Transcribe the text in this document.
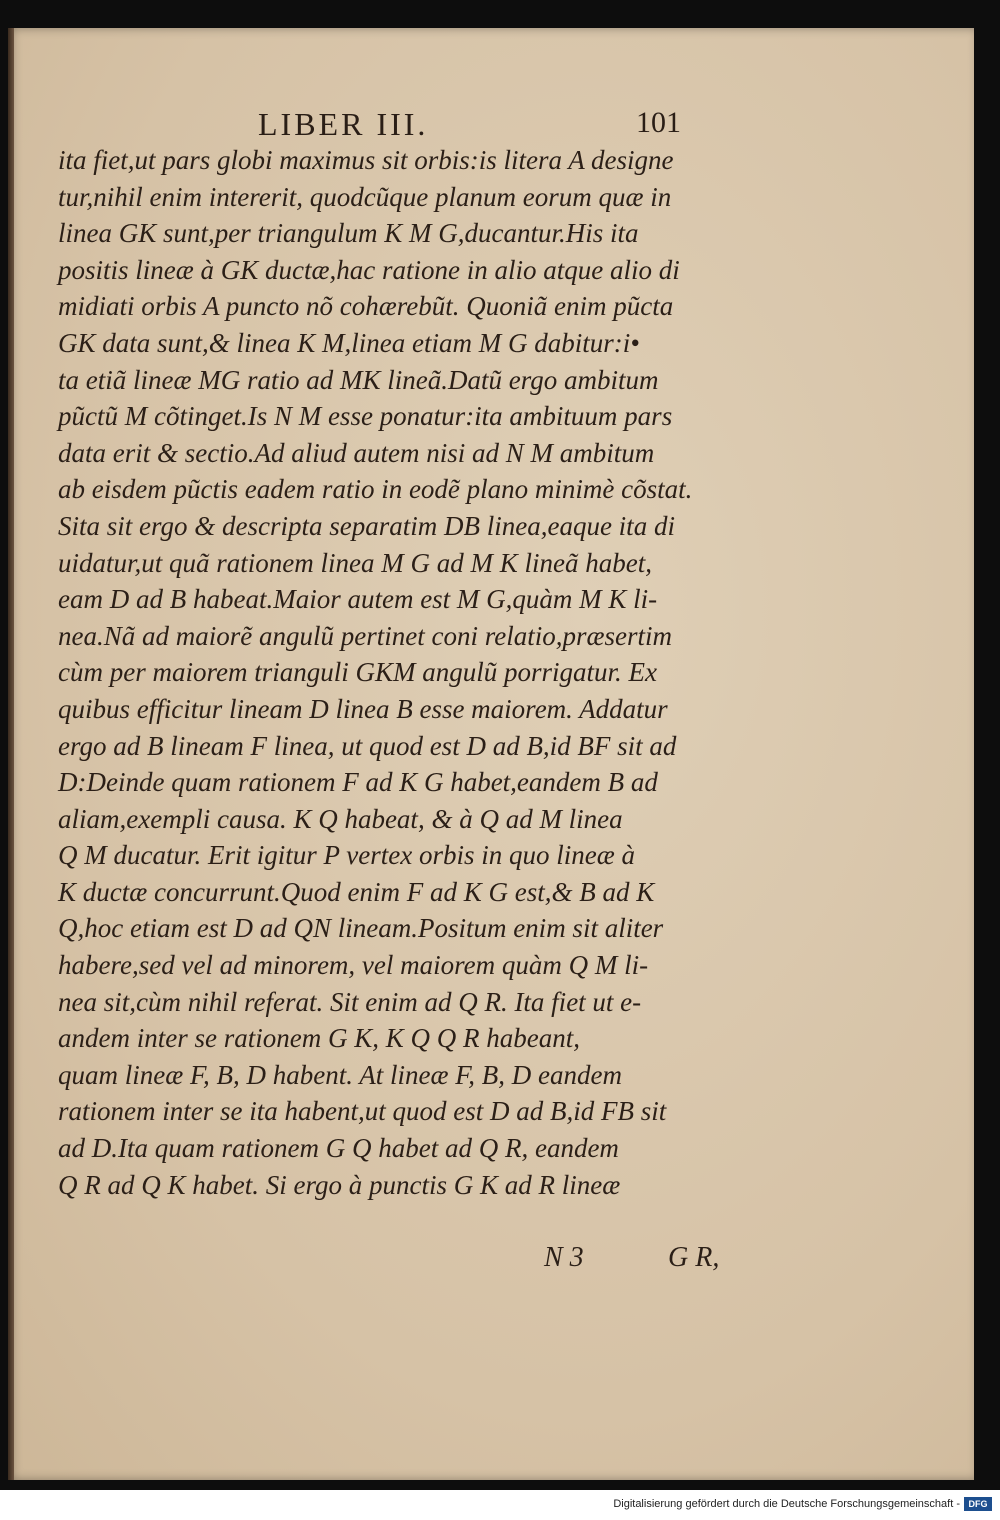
LIBER III.	101
ita fiet,ut pars globi maximus sit orbis:is litera A designe
tur,nihil enim intererit, quodcũque planum eorum quæ in
linea GK sunt,per triangulum K M G,ducantur.His ita
positis lineæ à GK ductæ,hac ratione in alio atque alio di
midiati orbis A puncto nõ cohærebũt. Quoniã enim pũcta
GK data sunt,& linea K M,linea etiam M G dabitur:i•
ta etiã lineæ MG ratio ad MK lineã.Datũ ergo ambitum
pũctũ M cõtinget.Is N M esse ponatur:ita ambituum pars
data erit & sectio.Ad aliud autem nisi ad N M ambitum
ab eisdem pũctis eadem ratio in eodẽ plano minimè cõstat.
Sita sit ergo & descripta separatim DB linea,eaque ita di
uidatur,ut quã rationem linea M G ad M K lineã habet,
eam D ad B habeat.Maior autem est M G,quàm M K li-
nea.Nã ad maiorẽ angulũ pertinet coni relatio,præsertim
cùm per maiorem trianguli GKM angulũ porrigatur. Ex
quibus efficitur lineam D linea B esse maiorem. Addatur
ergo ad B lineam F linea, ut quod est D ad B,id BF sit ad
D:Deinde quam rationem F ad K G habet,eandem B ad
aliam,exempli causa. K Q habeat, & à Q ad M linea
Q M ducatur. Erit igitur P vertex orbis in quo lineæ à
K ductæ concurrunt.Quod enim F ad K G est,& B ad K
Q,hoc etiam est D ad QN lineam.Positum enim sit aliter
habere,sed vel ad minorem, vel maiorem quàm Q M li-
nea sit,cùm nihil referat. Sit enim ad Q R. Ita fiet ut e-
andem inter se rationem G K, K Q Q R habeant,
quam lineæ F, B, D habent. At lineæ F, B, D eandem
rationem inter se ita habent,ut quod est D ad B,id FB sit
ad D.Ita quam rationem G Q habet ad Q R, eandem
Q R ad Q K habet. Si ergo à punctis G K ad R lineæ
N 3	G R,
Digitalisierung gefördert durch die Deutsche Forschungsgemeinschaft - DFG
